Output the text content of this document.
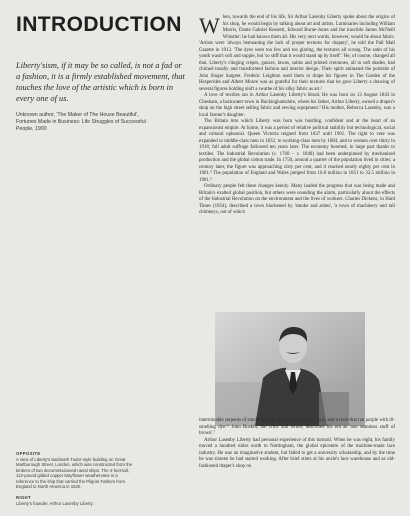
INTRODUCTION

Liberty'sism, if it may be so called, is not a fad or a fashion, it is a firmly established movement, that touches the love of the artistic which is born in every one of us.

Unknown author, 'The Maker of The House Beautiful',
Fortunes Made in Business: Life Struggles of Successful
People, 1900
OPPOSITE
A view of Liberty's landmark Tudor-style building on Great Marlborough Street, London, which was constructed from the timbers of two decommissioned naval ships. The 4-foot-tall, 112-pound gilded copper Mayflower weathervane is a reference to the ship that carried the Pilgrim Fathers from England to North America in 1620.
RIGHT
Liberty's founder, Arthur Lasenby Liberty.

When, towards the end of his life, Sir Arthur Lasenby Liberty spoke about the origins of his shop, he would begin by talking about art and artists. Luminaries including William Morris, Dante Gabriel Rossetti, Edward Burne-Jones and the irascible James McNeill Whistler: he had known them all. His very next words, however, would be about fabric. 'Artists were 'always bemoaning the lack of proper textures for drapery', he told the Pall Mall Gazette in 1913. 'The dyes were too few and too glaring, the textures all wrong. The satin of his youth wasn't soft and supple, but 'so stiff that it would stand up by itself'.' He, of course, changed all that. Liberty's clinging crepes, gauzes, lawns, satins and printed cretonnes, all in soft shades, had chimed tonally and transformed fashion and interior design. Their spirit animated the portraits of John Singer Sargent. Frederic Leighton used them to drape his figures in The Garden of the Hesperides and Albert Moore was as grateful for their textures that he gave Liberty a drawing of several figures holding aloft a swathe of his silky fabric as art.²

A love of textiles ran in Arthur Lasenby Liberty's blood. He was born on 13 August 1843 in Chesham, a backwater town in Buckinghamshire, where his father, Arthur Liberty, owned a draper's shop on the high street selling fabric and sewing equipment.³ His mother, Rebecca Lasenby, was a local farmer's daughter.

The Britain into which Liberty was born was bustling, confident and at the heart of an expansionist empire. At home, it was a period of relative political stability but technological, social and cultural upheaval. Queen Victoria reigned from 1837 until 1901. The right to vote was expanded to middle-class men in 1832, to working-class men by 1884, and to women over thirty in 1918; full adult suffrage followed ten years later. The economy boomed, in large part thanks to textiles. The Industrial Revolution (c. 1760 – c. 1840) had been underpinned by mechanised production and the global cotton trade. In 1750, around a quarter of the population lived in cities; a century later, the figure was approaching sixty per cent, and it reached nearly eighty per cent in 1901.⁴ The population of England and Wales jumped from 16.8 million in 1851 to 32.5 million in 1901.⁵

Ordinary people felt these changes keenly. Many lauded the progress that was being made and Britain's exalted global position, but others were sounding the alarm, particularly about the effects of the Industrial Revolution on the environment and the lives of workers. Charles Dickens, in Hard Times (1854), described a town blackened by 'smoke and ashes', 'a town of machinery and tall chimneys, out of which

interminable serpents of smoke trailed...It had a black canal in it, and a river that ran purple with ill-smelling dye.'⁶ John Ruskin, the critic and writer, described his era as 'one seamless stuff of brown'.⁷

Arthur Lasenby Liberty had personal experience of this turmoil. When he was eight, his family moved a hundred miles north to Nottingham, the global epicentre of the machine-made lace industry. He was an imaginative student, but failed to get a university scholarship, and by the time he was sixteen he had started working. After brief stints at his uncle's lace warehouse and as old-fashioned draper's shop on
